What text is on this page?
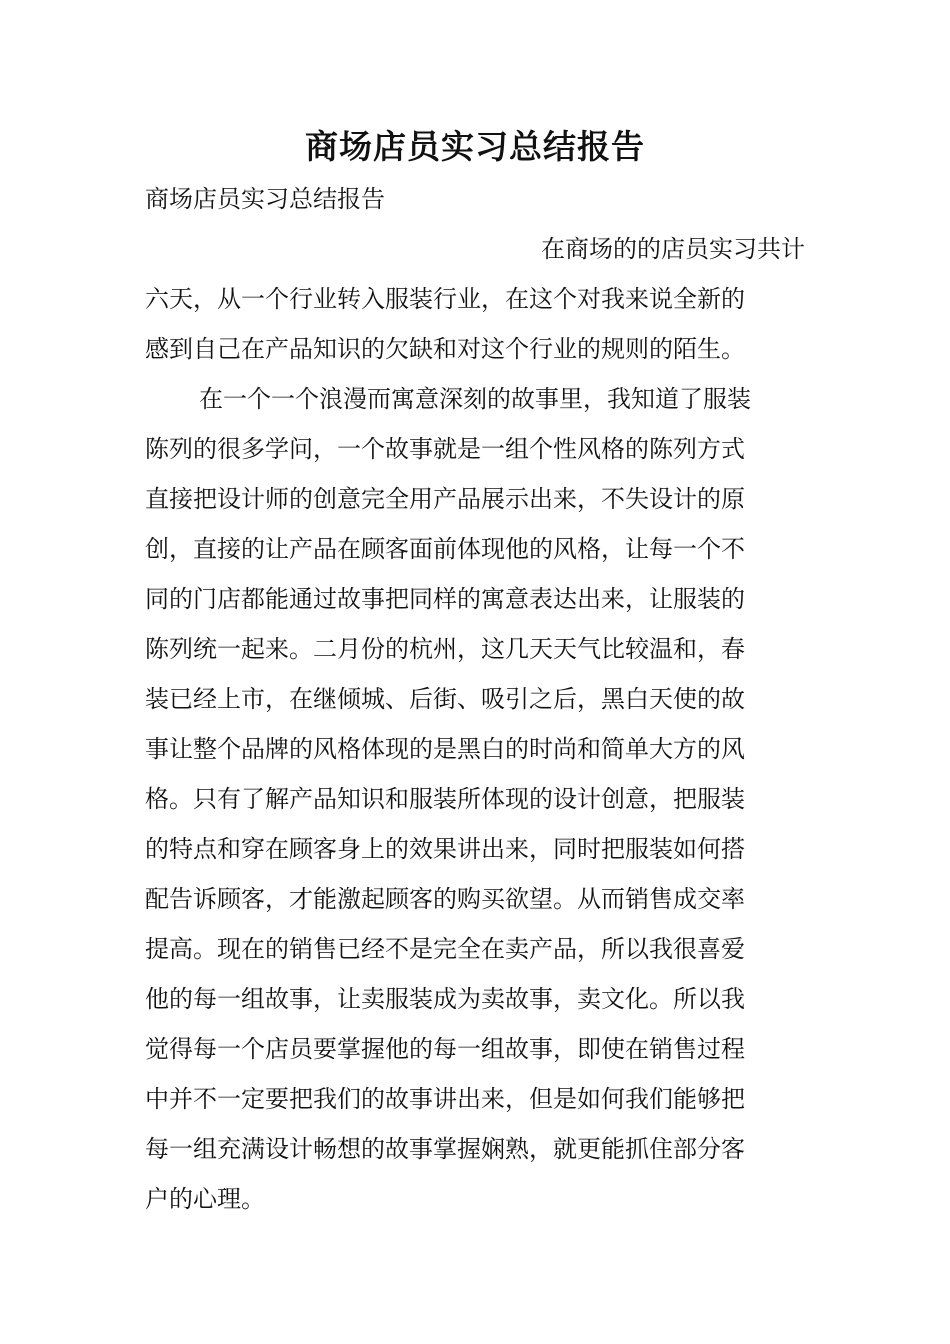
商场店员实习总结报告
商场店员实习总结报告
在商场的的店员实习共计
六天，从一个行业转入服装行业，在这个对我来说全新的
感到自己在产品知识的欠缺和对这个行业的规则的陌生。
在一个一个浪漫而寓意深刻的故事里，我知道了服装
陈列的很多学问，一个故事就是一组个性风格的陈列方式
直接把设计师的创意完全用产品展示出来，不失设计的原
创，直接的让产品在顾客面前体现他的风格，让每一个不
同的门店都能通过故事把同样的寓意表达出来，让服装的
陈列统一起来。二月份的杭州，这几天天气比较温和，春
装已经上市，在继倾城、后街、吸引之后，黑白天使的故
事让整个品牌的风格体现的是黑白的时尚和简单大方的风
格。只有了解产品知识和服装所体现的设计创意，把服装
的特点和穿在顾客身上的效果讲出来，同时把服装如何搭
配告诉顾客，才能激起顾客的购买欲望。从而销售成交率
提高。现在的销售已经不是完全在卖产品，所以我很喜爱
他的每一组故事，让卖服装成为卖故事，卖文化。所以我
觉得每一个店员要掌握他的每一组故事，即使在销售过程
中并不一定要把我们的故事讲出来，但是如何我们能够把
每一组充满设计畅想的故事掌握娴熟，就更能抓住部分客
户的心理。
